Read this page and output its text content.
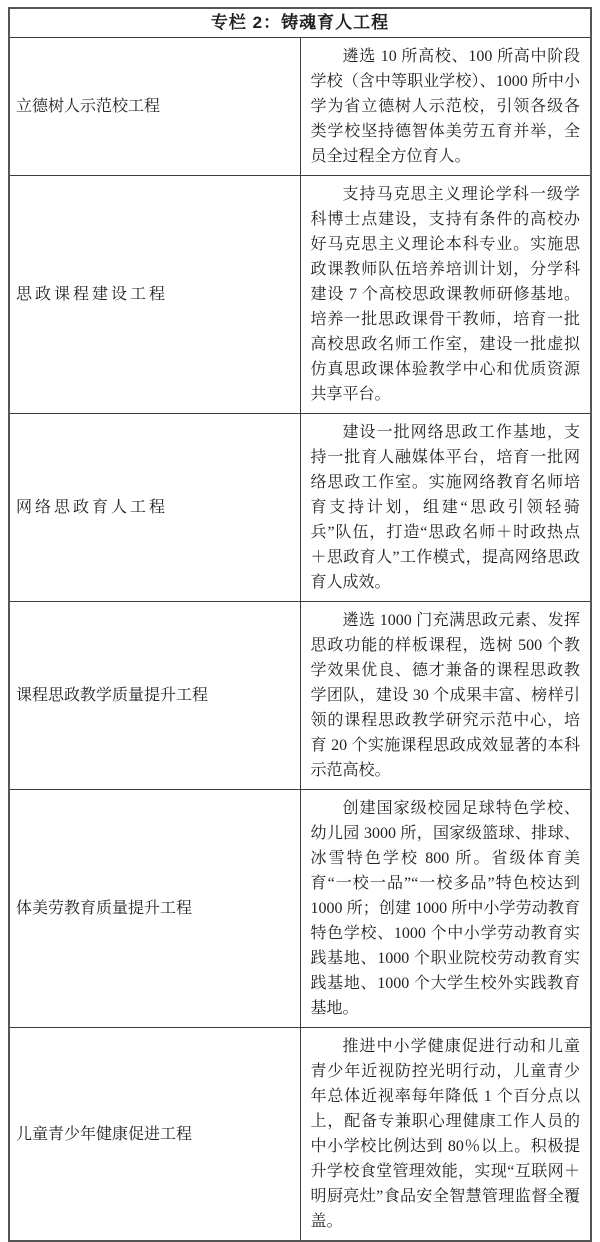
专栏 2：铸魂育人工程	
立德树人示范校工程	遴选 10 所高校、100 所高中阶段学校（含中等职业学校）、1000 所中小学为省立德树人示范校，引领各级各类学校坚持德智体美劳五育并举，全员全过程全方位育人。

思政课程建设工程	支持马克思主义理论学科一级学科博士点建设，支持有条件的高校办好马克思主义理论本科专业。实施思政课教师队伍培养培训计划，分学科建设 7 个高校思政课教师研修基地。培养一批思政课骨干教师，培育一批高校思政名师工作室，建设一批虚拟仿真思政课体验教学中心和优质资源共享平台。

网络思政育人工程	建设一批网络思政工作基地，支持一批育人融媒体平台，培育一批网络思政工作室。实施网络教育名师培育支持计划，组建“思政引领轻骑兵”队伍，打造“思政名师＋时政热点＋思政育人”工作模式，提高网络思政育人成效。

课程思政教学质量提升工程	遴选 1000 门充满思政元素、发挥思政功能的样板课程，选树 500 个教学效果优良、德才兼备的课程思政教学团队，建设 30 个成果丰富、榜样引领的课程思政教学研究示范中心，培育 20 个实施课程思政成效显著的本科示范高校。

体美劳教育质量提升工程	创建国家级校园足球特色学校、幼儿园 3000 所，国家级篮球、排球、冰雪特色学校 800 所。省级体育美育“一校一品”“一校多品”特色校达到 1000 所；创建 1000 所中小学劳动教育特色学校、1000 个中小学劳动教育实践基地、1000 个职业院校劳动教育实践基地、1000 个大学生校外实践教育基地。

儿童青少年健康促进工程	推进中小学健康促进行动和儿童青少年近视防控光明行动，儿童青少年总体近视率每年降低 1 个百分点以上，配备专兼职心理健康工作人员的中小学校比例达到 80％以上。积极提升学校食堂管理效能，实现“互联网＋明厨亮灶”食品安全智慧管理监督全覆盖。
